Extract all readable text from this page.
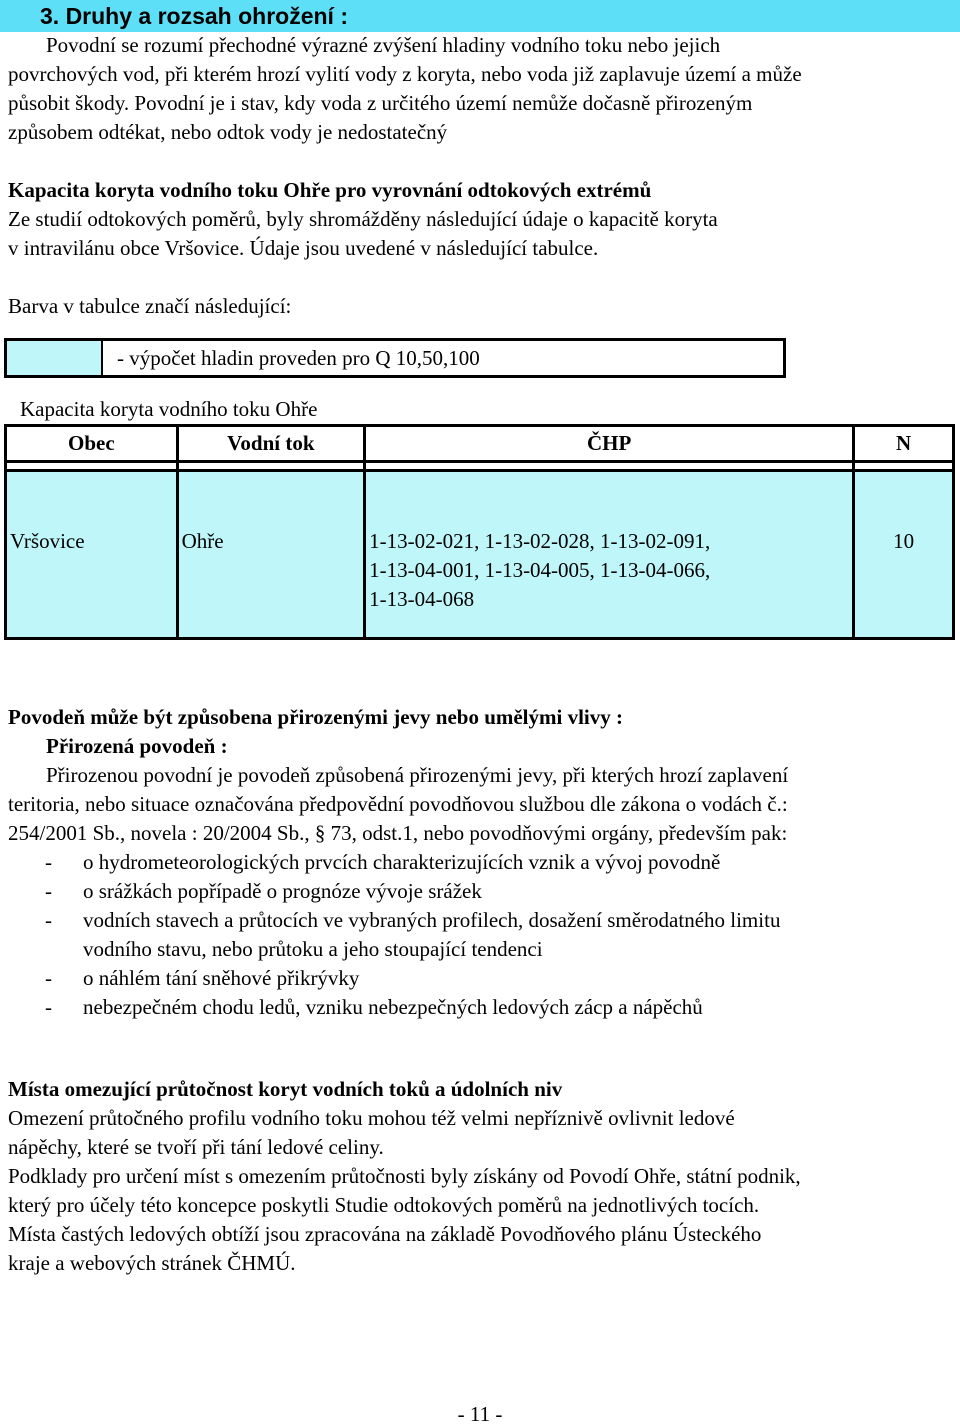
3. Druhy a rozsah ohrožení :
Povodní se rozumí přechodné výrazné zvýšení hladiny vodního toku nebo jejich
povrchových vod, při kterém hrozí vylití vody z koryta, nebo voda již zaplavuje území a může
působit škody. Povodní je i stav, kdy voda z určitého území nemůže dočasně přirozeným
způsobem odtékat, nebo odtok vody je nedostatečný
Kapacita koryta vodního toku Ohře pro vyrovnání odtokových extrémů
Ze studií odtokových poměrů, byly shromážděny následující údaje o kapacitě koryta
v intravilánu obce Vršovice. Údaje jsou uvedené v následující tabulce.
Barva v tabulce značí následující:
- výpočet hladin proveden pro Q 10,50,100
Kapacita koryta vodního toku Ohře
Obec	Vodní tok	ČHP	N

Vršovice	Ohře	1-13-02-021, 1-13-02-028, 1-13-02-091,
1-13-04-001, 1-13-04-005, 1-13-04-066,
1-13-04-068	10
Povodeň může být způsobena přirozenými jevy nebo umělými vlivy :
Přirozená povodeň :
Přirozenou povodní je povodeň způsobená přirozenými jevy, při kterých hrozí zaplavení
teritoria, nebo situace označována předpovědní povodňovou službou dle zákona o vodách č.:
254/2001 Sb., novela : 20/2004 Sb., § 73, odst.1, nebo povodňovými orgány, především pak:
- o hydrometeorologických prvcích charakterizujících vznik a vývoj povodně
- o srážkách popřípadě o prognóze vývoje srážek
- vodních stavech a průtocích ve vybraných profilech, dosažení směrodatného limitu
vodního stavu, nebo průtoku a jeho stoupající tendenci
- o náhlém tání sněhové přikrývky
- nebezpečném chodu ledů, vzniku nebezpečných ledových zácp a nápěchů
Místa omezující průtočnost koryt vodních toků a údolních niv
Omezení průtočného profilu vodního toku mohou též velmi nepříznivě ovlivnit ledové
nápěchy, které se tvoří při tání ledové celiny.
Podklady pro určení míst s omezením průtočnosti byly získány od Povodí Ohře, státní podnik,
který pro účely této koncepce poskytli Studie odtokových poměrů na jednotlivých tocích.
Místa častých ledových obtíží jsou zpracována na základě Povodňového plánu Ústeckého
kraje a webových stránek ČHMÚ.
- 11 -
